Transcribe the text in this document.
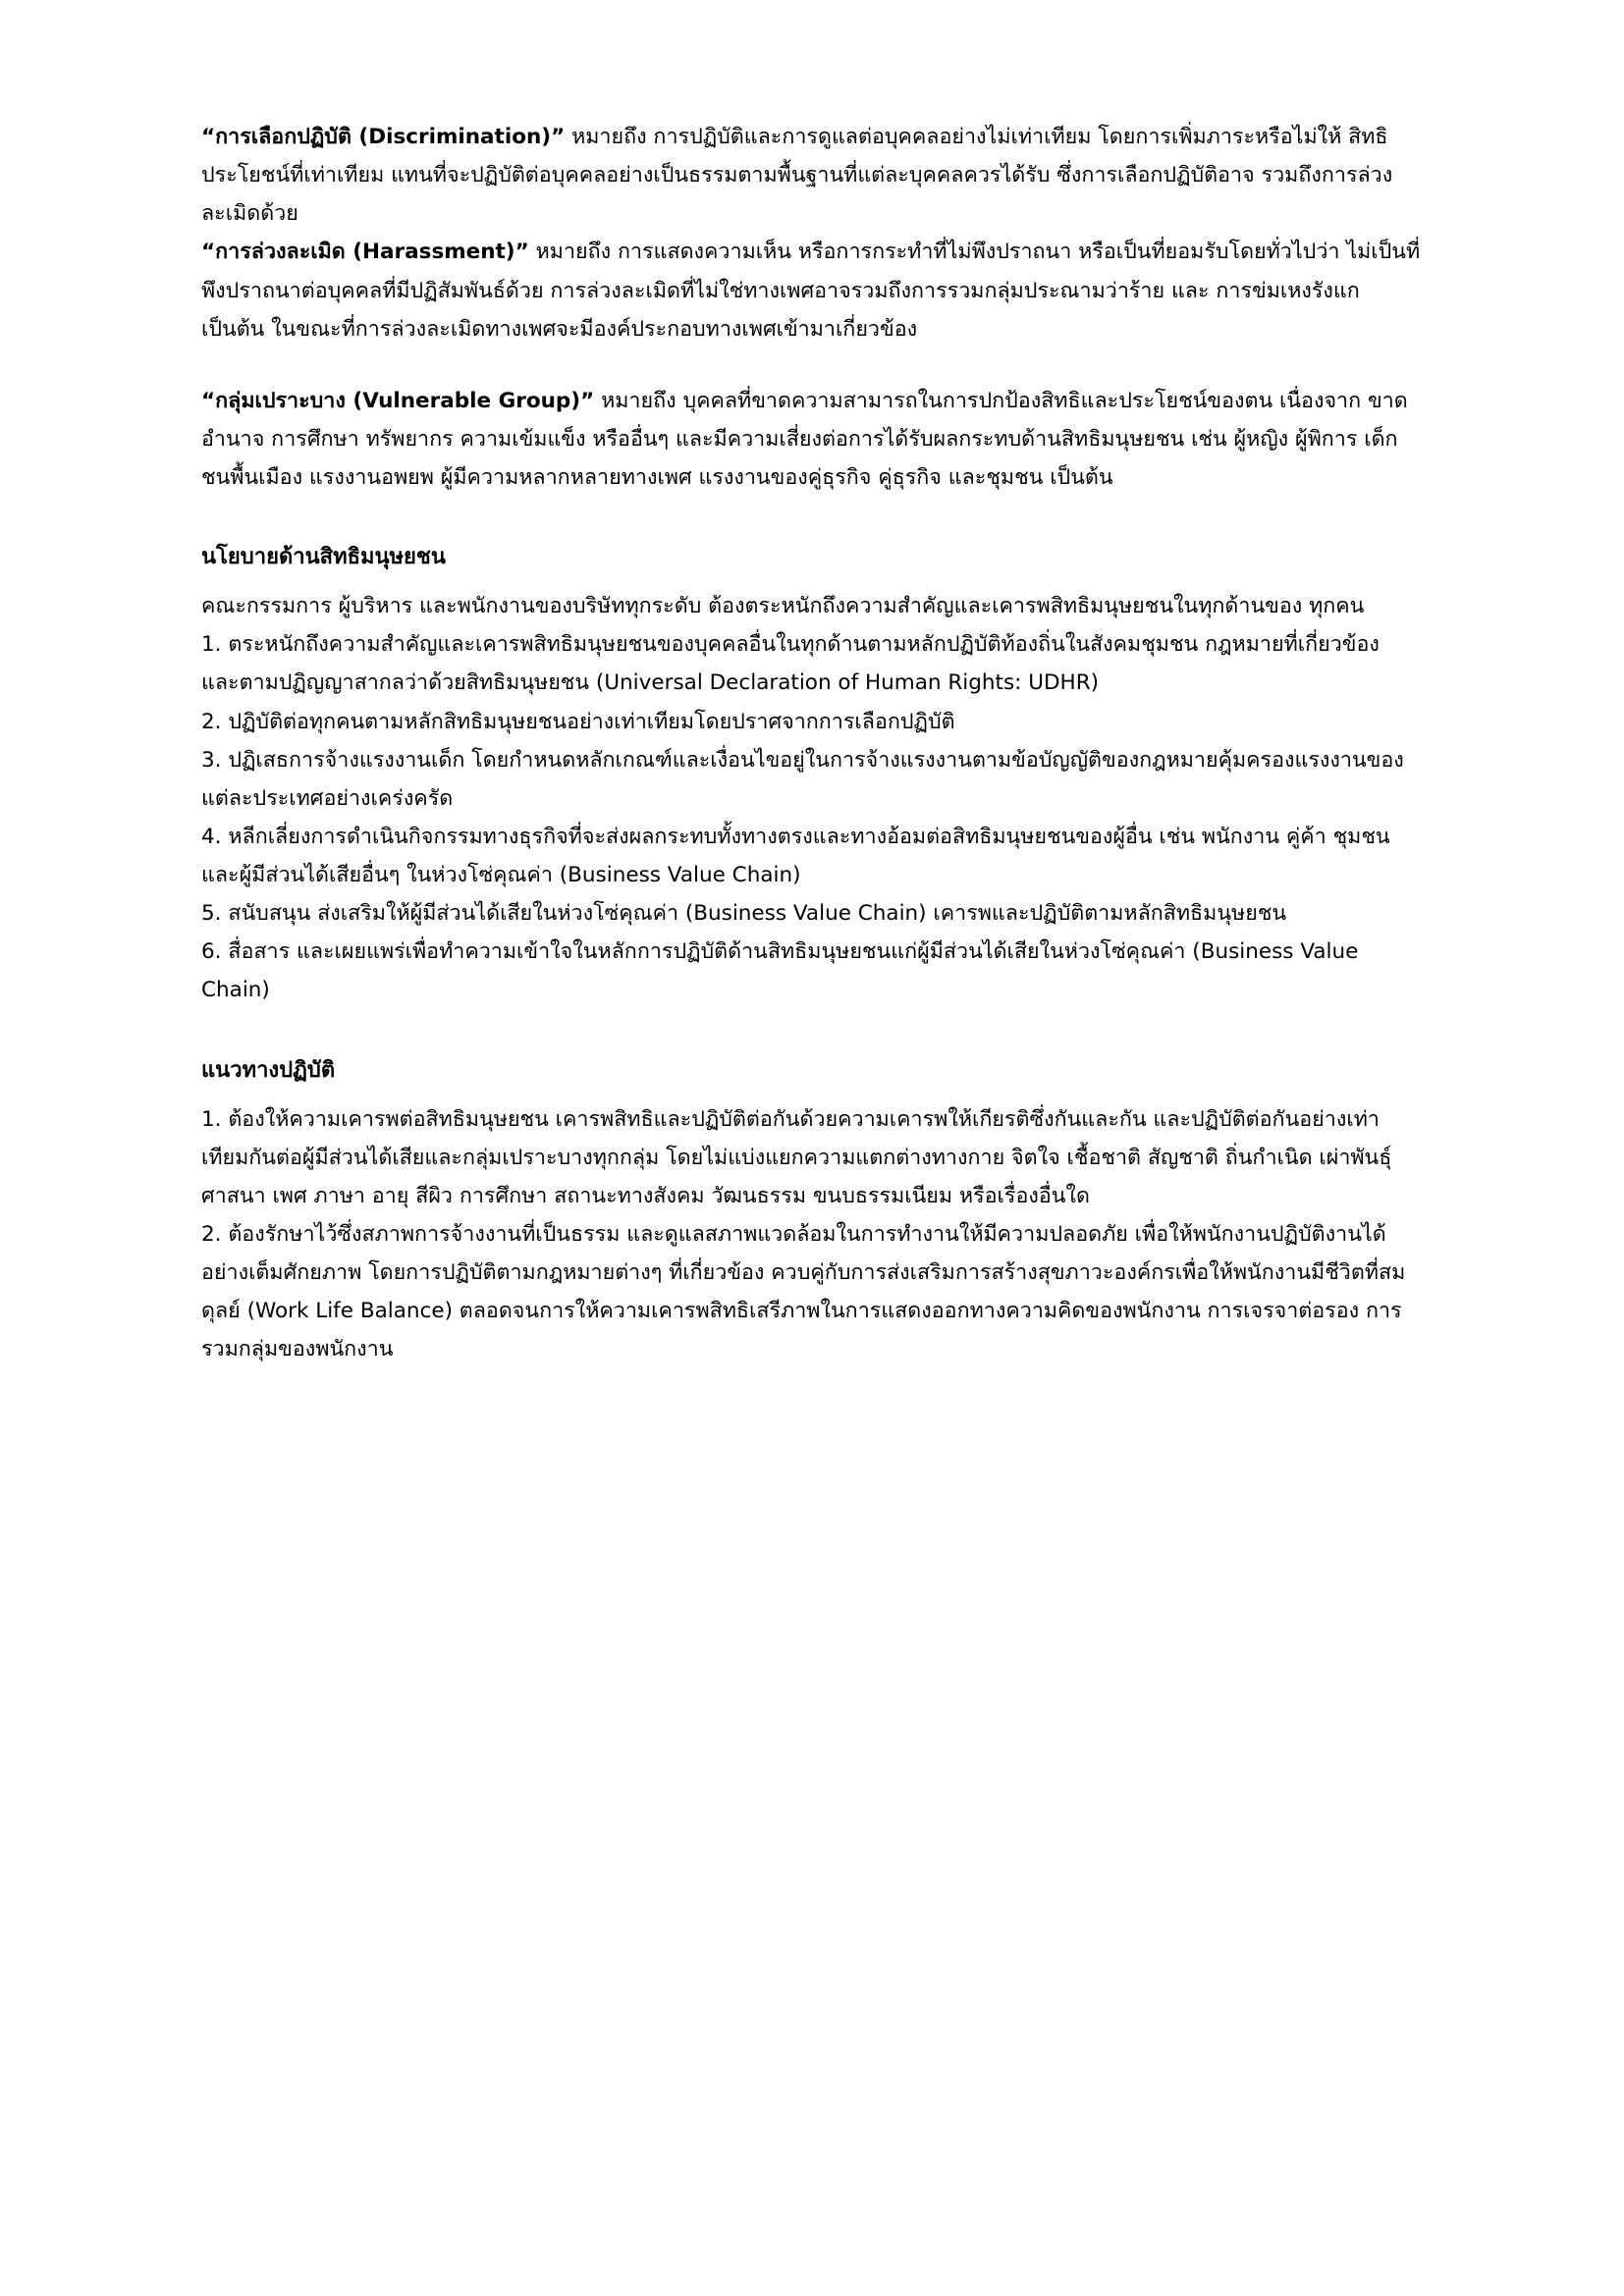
“การเลือกปฏิบัติ (Discrimination)” หมายถึง การปฏิบัติและการดูแลต่อบุคคลอย่างไม่เท่าเทียม โดยการเพิ่มภาระหรือไม่ให้ สิทธิประโยชน์ที่เท่าเทียม แทนที่จะปฏิบัติต่อบุคคลอย่างเป็นธรรมตามพื้นฐานที่แต่ละบุคคลควรได้รับ ซึ่งการเลือกปฏิบัติอาจ รวมถึงการล่วงละเมิดด้วย

“การล่วงละเมิด (Harassment)” หมายถึง การแสดงความเห็น หรือการกระทำที่ไม่พึงปราถนา หรือเป็นที่ยอมรับโดยทั่วไปว่า ไม่เป็นที่พึงปราถนาต่อบุคคลที่มีปฏิสัมพันธ์ด้วย การล่วงละเมิดที่ไม่ใช่ทางเพศอาจรวมถึงการรวมกลุ่มประณามว่าร้าย และ การข่มเหงรังแก เป็นต้น ในขณะที่การล่วงละเมิดทางเพศจะมีองค์ประกอบทางเพศเข้ามาเกี่ยวข้อง

“กลุ่มเปราะบาง (Vulnerable Group)” หมายถึง บุคคลที่ขาดความสามารถในการปกป้องสิทธิและประโยชน์ของตน เนื่องจาก ขาดอำนาจ การศึกษา ทรัพยากร ความเข้มแข็ง หรืออื่นๆ และมีความเสี่ยงต่อการได้รับผลกระทบด้านสิทธิมนุษยชน เช่น ผู้หญิง ผู้พิการ เด็ก ชนพื้นเมือง แรงงานอพยพ ผู้มีความหลากหลายทางเพศ แรงงานของคู่ธุรกิจ คู่ธุรกิจ และชุมชน เป็นต้น

นโยบายด้านสิทธิมนุษยชน

คณะกรรมการ ผู้บริหาร และพนักงานของบริษัททุกระดับ ต้องตระหนักถึงความสำคัญและเคารพสิทธิมนุษยชนในทุกด้านของ ทุกคน

1. ตระหนักถึงความสำคัญและเคารพสิทธิมนุษยชนของบุคคลอื่นในทุกด้านตามหลักปฏิบัติท้องถิ่นในสังคมชุมชน กฎหมายที่เกี่ยวข้อง และตามปฏิญญาสากลว่าด้วยสิทธิมนุษยชน (Universal Declaration of Human Rights: UDHR)

2. ปฏิบัติต่อทุกคนตามหลักสิทธิมนุษยชนอย่างเท่าเทียมโดยปราศจากการเลือกปฏิบัติ

3. ปฏิเสธการจ้างแรงงานเด็ก โดยกำหนดหลักเกณฑ์และเงื่อนไขอยู่ในการจ้างแรงงานตามข้อบัญญัติของกฎหมายคุ้มครองแรงงานของแต่ละประเทศอย่างเคร่งครัด

4. หลีกเลี่ยงการดำเนินกิจกรรมทางธุรกิจที่จะส่งผลกระทบทั้งทางตรงและทางอ้อมต่อสิทธิมนุษยชนของผู้อื่น เช่น พนักงาน คู่ค้า ชุมชน และผู้มีส่วนได้เสียอื่นๆ ในห่วงโซ่คุณค่า (Business Value Chain)

5. สนับสนุน ส่งเสริมให้ผู้มีส่วนได้เสียในห่วงโซ่คุณค่า (Business Value Chain) เคารพและปฏิบัติตามหลักสิทธิมนุษยชน

6. สื่อสาร และเผยแพร่เพื่อทำความเข้าใจในหลักการปฏิบัติด้านสิทธิมนุษยชนแก่ผู้มีส่วนได้เสียในห่วงโซ่คุณค่า (Business Value Chain)

แนวทางปฏิบัติ

1. ต้องให้ความเคารพต่อสิทธิมนุษยชน เคารพสิทธิและปฏิบัติต่อกันด้วยความเคารพให้เกียรติซึ่งกันและกัน และปฏิบัติต่อกันอย่างเท่าเทียมกันต่อผู้มีส่วนได้เสียและกลุ่มเปราะบางทุกกลุ่ม โดยไม่แบ่งแยกความแตกต่างทางกาย จิตใจ เชื้อชาติ สัญชาติ ถิ่นกำเนิด เผ่าพันธุ์ ศาสนา เพศ ภาษา อายุ สีผิว การศึกษา สถานะทางสังคม วัฒนธรรม ขนบธรรมเนียม หรือเรื่องอื่นใด

2. ต้องรักษาไว้ซึ่งสภาพการจ้างงานที่เป็นธรรม และดูแลสภาพแวดล้อมในการทำงานให้มีความปลอดภัย เพื่อให้พนักงานปฏิบัติงานได้อย่างเต็มศักยภาพ โดยการปฏิบัติตามกฎหมายต่างๆ ที่เกี่ยวข้อง ควบคู่กับการส่งเสริมการสร้างสุขภาวะองค์กรเพื่อให้พนักงานมีชีวิตที่สมดุลย์ (Work Life Balance) ตลอดจนการให้ความเคารพสิทธิเสรีภาพในการแสดงออกทางความคิดของพนักงาน การเจรจาต่อรอง การรวมกลุ่มของพนักงาน
